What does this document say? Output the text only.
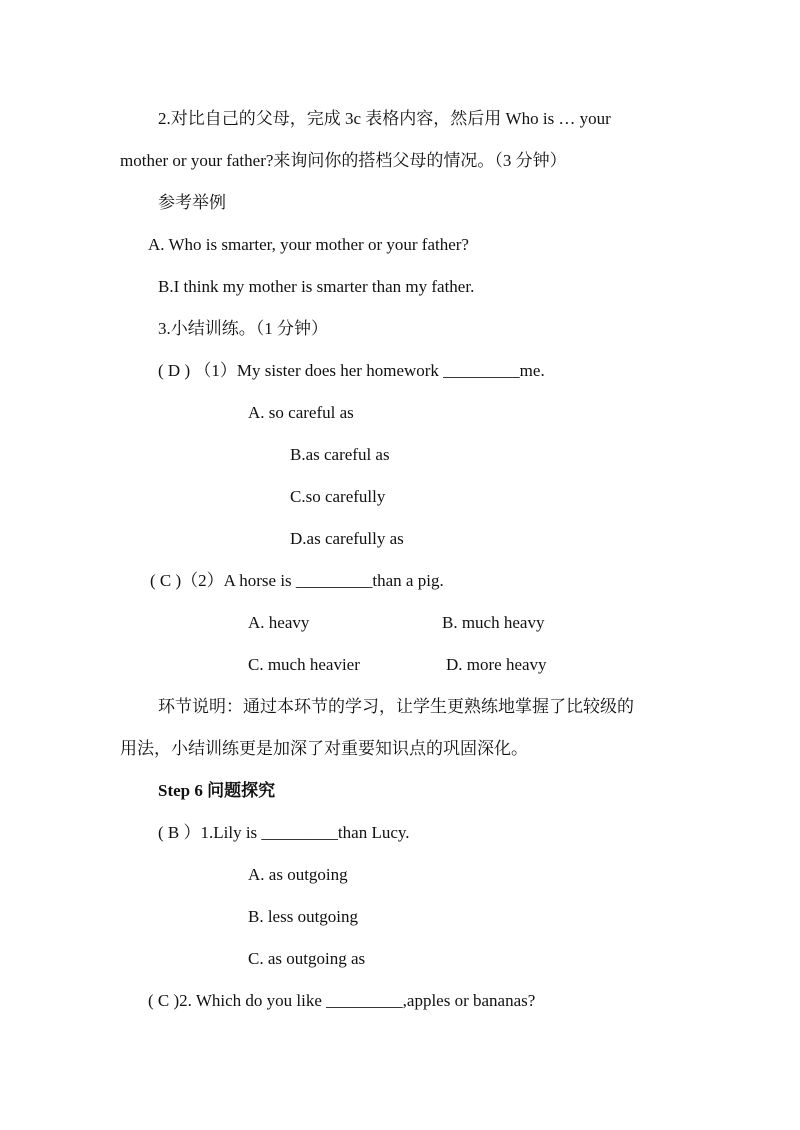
2.对比自己的父母，完成 3c 表格内容，然后用 Who is … your
mother or your father?来询问你的搭档父母的情况。（3 分钟）
参考举例
A. Who is smarter, your mother or your father?
B.I think my mother is smarter than my father.
3.小结训练。（1 分钟）
( D ) （1）My sister does her homework _________me.
A. so careful as
B.as careful as
C.so carefully
D.as carefully as
( C )（2）A horse is _________than a pig.
A. heavy	B. much heavy
C. much heavier	D. more heavy
环节说明：通过本环节的学习，让学生更熟练地掌握了比较级的
用法，小结训练更是加深了对重要知识点的巩固深化。
Step 6 问题探究
( B ）1.Lily is _________than Lucy.
A. as outgoing
B. less outgoing
C. as outgoing as
( C )2. Which do you like _________,apples or bananas?
